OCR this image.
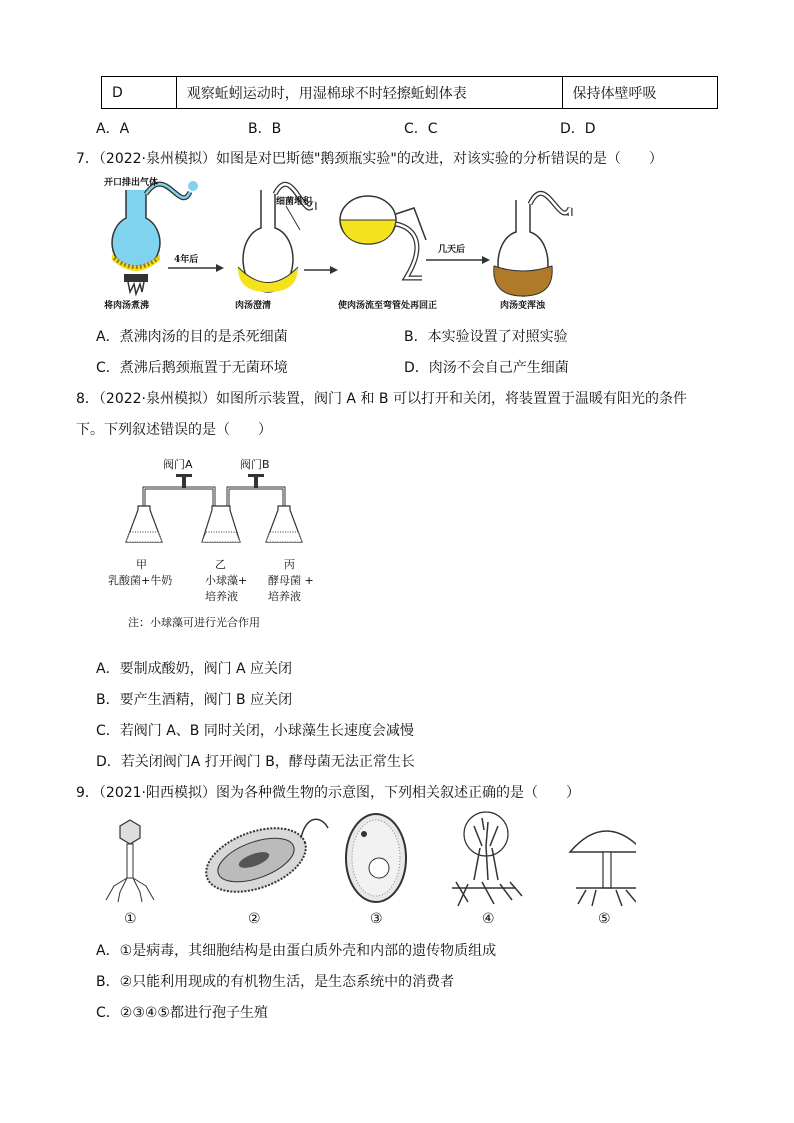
D	观察蚯蚓运动时，用湿棉球不时轻擦蚯蚓体表	保持体壁呼吸
A．A	B．B	C．C	D．D
7．（2022·泉州模拟）如图是对巴斯德"鹅颈瓶实验"的改进，对该实验的分析错误的是（　　）
开口排出气体
细菌堆积
4年后
几天后
将肉汤煮沸	肉汤澄清	使肉汤流至弯管处再回正	肉汤变浑浊
A．煮沸肉汤的目的是杀死细菌	B．本实验设置了对照实验
C．煮沸后鹅颈瓶置于无菌环境	D．肉汤不会自己产生细菌
8．（2022·泉州模拟）如图所示装置，阀门 A 和 B 可以打开和关闭，将装置置于温暖有阳光的条件
下。下列叙述错误的是（　　）
阀门A	阀门B
甲
乳酸菌+牛奶
乙
小球藻+
培养液
丙
酵母菌 +
培养液
注：小球藻可进行光合作用
A．要制成酸奶，阀门 A 应关闭
B．要产生酒精，阀门 B 应关闭
C．若阀门 A、B 同时关闭，小球藻生长速度会减慢
D．若关闭阀门A 打开阀门 B，酵母菌无法正常生长
9．（2021·阳西模拟）图为各种微生物的示意图，下列相关叙述正确的是（　　）
①	②	③	④	⑤
A．①是病毒，其细胞结构是由蛋白质外壳和内部的遗传物质组成
B．②只能利用现成的有机物生活，是生态系统中的消费者
C．②③④⑤都进行孢子生殖
